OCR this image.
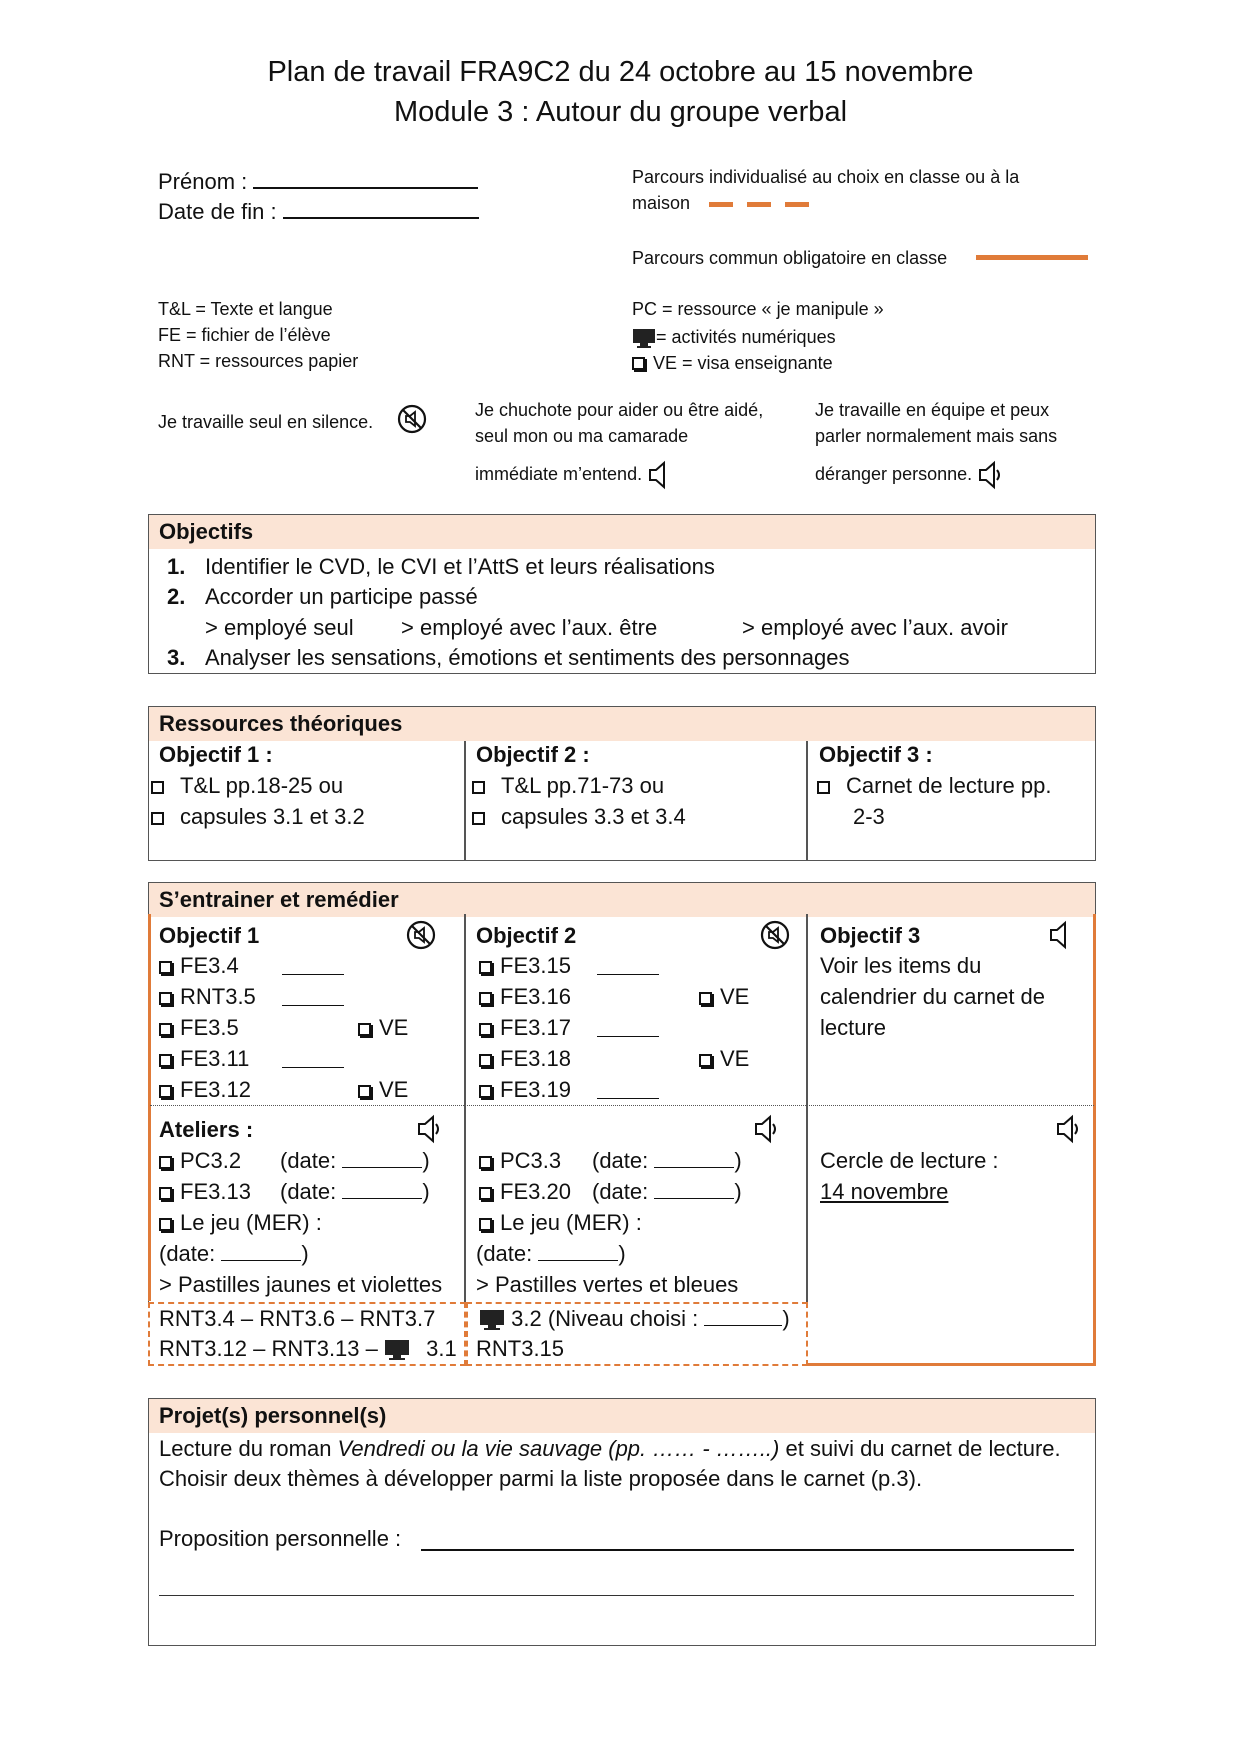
Plan de travail FRA9C2 du 24 octobre au 15 novembre
Module 3 : Autour du groupe verbal
Prénom :
Date de fin :
Parcours individualisé au choix en classe ou à la maison
Parcours commun obligatoire en classe
T&L = Texte et langue
FE = fichier de l’élève
RNT = ressources papier
PC = ressource « je manipule »
= activités numériques
VE = visa enseignante
Je travaille seul en silence.
Je chuchote pour aider ou être aidé,
seul mon ou ma camarade
immédiate m’entend.
Je travaille en équipe et peux
parler normalement mais sans
déranger personne.
Objectifs
1. Identifier le CVD, le CVI et l’AttS et leurs réalisations
2. Accorder un participe passé
> employé seul > employé avec l’aux. être	> employé avec l’aux. avoir
3. Analyser les sensations, émotions et sentiments des personnages
Ressources théoriques
Objectif 1 :
T&L pp.18-25 ou
capsules 3.1 et 3.2
Objectif 2 :
T&L pp.71-73 ou
capsules 3.3 et 3.4
Objectif 3 :
Carnet de lecture pp.
2-3
S’entrainer et remédier
Objectif 1
FE3.4
RNT3.5
FE3.5	VE
FE3.11
FE3.12	VE
Objectif 2
FE3.15
FE3.16	VE
FE3.17
FE3.18	VE
FE3.19
Objectif 3
Voir les items du
calendrier du carnet de
lecture
Ateliers :
PC3.2 (date:	)
FE3.13 (date:	)
Le jeu (MER) :
(date:	)
> Pastilles jaunes et violettes
PC3.3 (date:	)
FE3.20 (date:	)
Le jeu (MER) :
(date:	)
> Pastilles vertes et bleues
Cercle de lecture :
14 novembre
RNT3.4 – RNT3.6 – RNT3.7
RNT3.12 – RNT3.13 – 3.1
3.2 (Niveau choisi :	)
RNT3.15
Projet(s) personnel(s)
Lecture du roman Vendredi ou la vie sauvage (pp. …… - ……..) et suivi du carnet de lecture.
Choisir deux thèmes à développer parmi la liste proposée dans le carnet (p.3).
Proposition personnelle :
